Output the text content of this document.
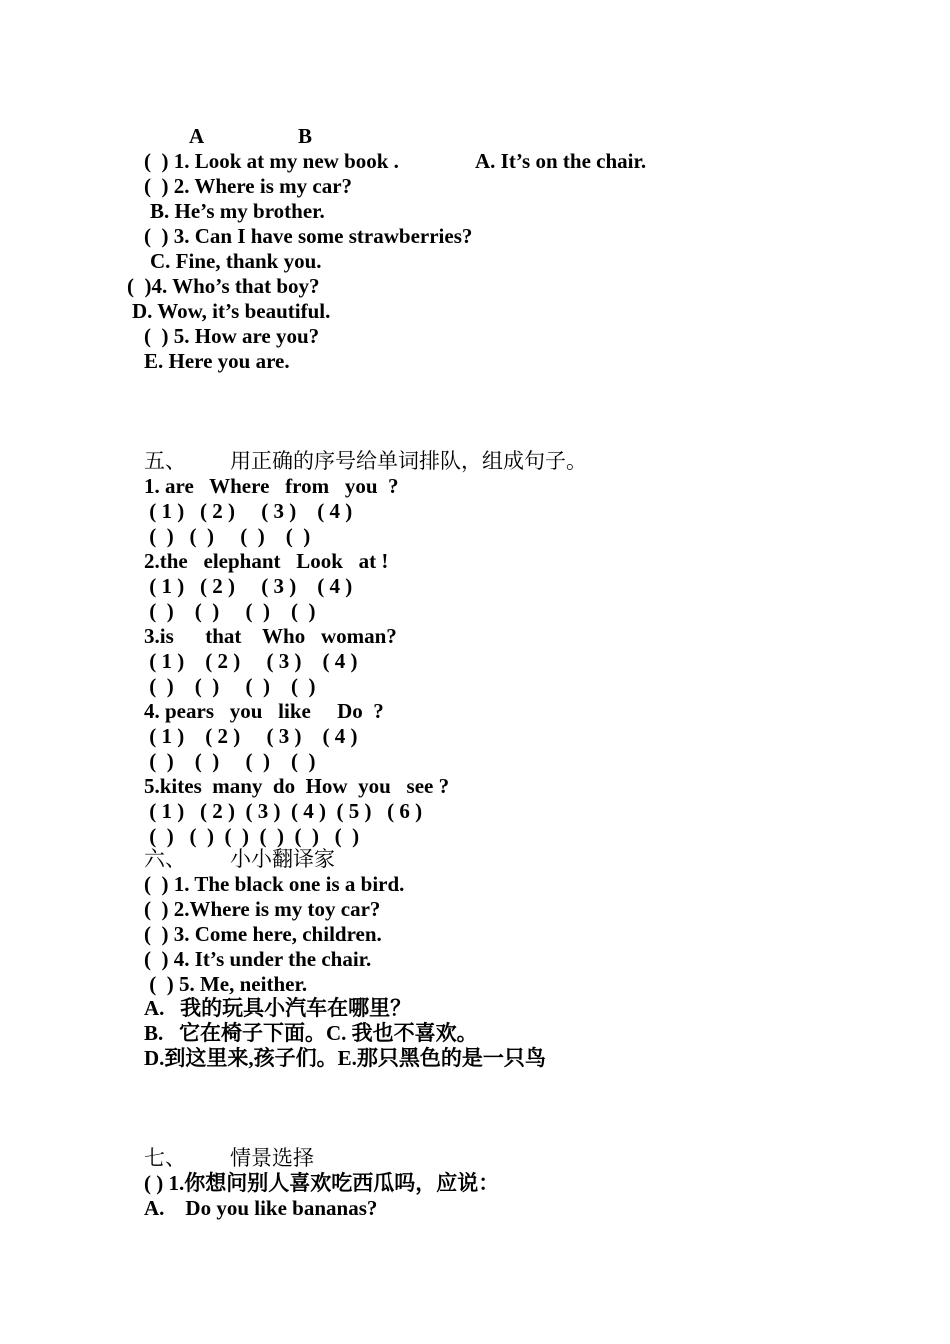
A	B
(  ) 1. Look at my new book .	A. It’s on the chair.
(  ) 2. Where is my car?
B. He’s my brother.
(  ) 3. Can I have some strawberries?
C. Fine, thank you.
(  )4. Who’s that boy?
D. Wow, it’s beautiful.
(  ) 5. How are you?
E. Here you are.
五、 用正确的序号给单词排队，组成句子。
1. are   Where   from   you  ?
( 1 )   ( 2 )     ( 3 )    ( 4 )
(  )   (  )     (  )    (  )
2.the   elephant   Look   at !
( 1 )   ( 2 )     ( 3 )    ( 4 )
(  )    (  )     (  )    (  )
3.is      that    Who   woman?
( 1 )    ( 2 )     ( 3 )    ( 4 )
(  )    (  )     (  )    (  )
4. pears   you   like     Do  ?
( 1 )    ( 2 )     ( 3 )    ( 4 )
(  )    (  )     (  )    (  )
5.kites  many  do  How  you   see ?
( 1 )   ( 2 )  ( 3 )  ( 4 )  ( 5 )   ( 6 )
(  )   (  )  (  )  (  )  (  )   (  )
六、 小小翻译家
(  ) 1. The black one is a bird.
(  ) 2.Where is my toy car?
(  ) 3. Come here, children.
(  ) 4. It’s under the chair.
(  ) 5. Me, neither.
A.   我的玩具小汽车在哪里？
B.   它在椅子下面。C. 我也不喜欢。
D.到这里来,孩子们。E.那只黑色的是一只鸟
七、 情景选择
( ) 1.你想问别人喜欢吃西瓜吗，应说：
A.    Do you like bananas?
